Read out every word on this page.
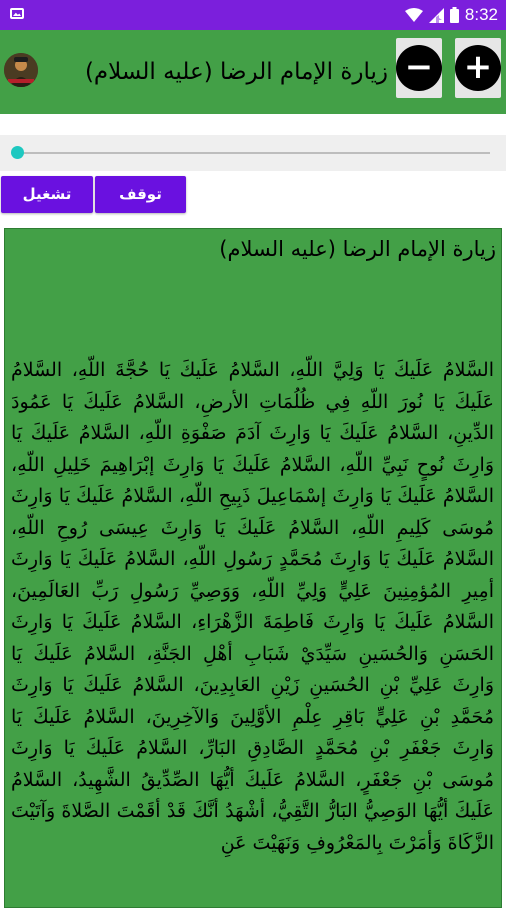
8:32
زيارة الإمام الرضا (عليه السلام) − +
تشغيل	توقف
زيارة الإمام الرضا (عليه السلام)
السَّلامُ عَلَيكَ يَا وَلِيَّ اللّهِ، السَّلامُ عَلَيكَ يَا حُجَّةَ اللّهِ، السَّلامُ عَلَيكَ يَا نُورَ اللّهِ فِي ظُلُمَاتِ الأرضِ، السَّلامُ عَلَيكَ يَا عَمُودَ الدِّينِ، السَّلامُ عَلَيكَ يَا وَارِثَ آدَمَ صَفْوَةِ اللّهِ، السَّلامُ عَلَيكَ يَا وَارِثَ نُوحٍ نَبِيِّ اللّهِ، السَّلامُ عَلَيكَ يَا وَارِثَ إبْرَاهِيمَ خَلِيلِ اللّهِ، السَّلامُ عَلَيكَ يَا وَارِثَ إسْمَاعِيلَ ذَبِيحِ اللّهِ، السَّلامُ عَلَيكَ يَا وَارِثَ مُوسَى كَلِيمِ اللّهِ، السَّلامُ عَلَيكَ يَا وَارِثَ عِيسَى رُوحِ اللّهِ، السَّلامُ عَلَيكَ يَا وَارِثَ مُحَمَّدٍ رَسُولِ اللّهِ، السَّلامُ عَلَيكَ يَا وَارِثَ أمِيرِ المُؤمِنِينَ عَلِيٍّ وَلِيِّ اللّهِ، وَوَصِيِّ رَسُولِ رَبِّ العَالَمِينَ، السَّلامُ عَلَيكَ يَا وَارِثَ فَاطِمَةَ الزَّهْرَاءِ، السَّلامُ عَلَيكَ يَا وَارِثَ الحَسَنِ وَالحُسَينِ سَيِّدَيْ شَبَابِ أهْلِ الجَنَّةِ، السَّلامُ عَلَيكَ يَا وَارِثَ عَلِيِّ بْنِ الحُسَينِ زَيْنِ العَابِدِينَ، السَّلامُ عَلَيكَ يَا وَارِثَ مُحَمَّدِ بْنِ عَلِيٍّ بَاقِرِ عِلْمِ الأوَّلِينَ وَالآخِرِينَ، السَّلامُ عَلَيكَ يَا وَارِثَ جَعْفَرِ بْنِ مُحَمَّدٍ الصَّادِقِ البَارِّ، السَّلامُ عَلَيكَ يَا وَارِثَ مُوسَى بْنِ جَعْفَرٍ، السَّلامُ عَلَيكَ أيُّهَا الصِّدِّيقُ الشَّهِيدُ، السَّلامُ عَلَيكَ أيُّهَا الوَصِيُّ البَارُّ التَّقِيُّ، أشْهَدُ أنَّكَ قَدْ أقَمْتَ الصَّلاةَ وَآتَيْتَ الزَّكَاةَ وَأمَرْتَ بِالمَعْرُوفِ وَنَهَيْتَ عَنِ
